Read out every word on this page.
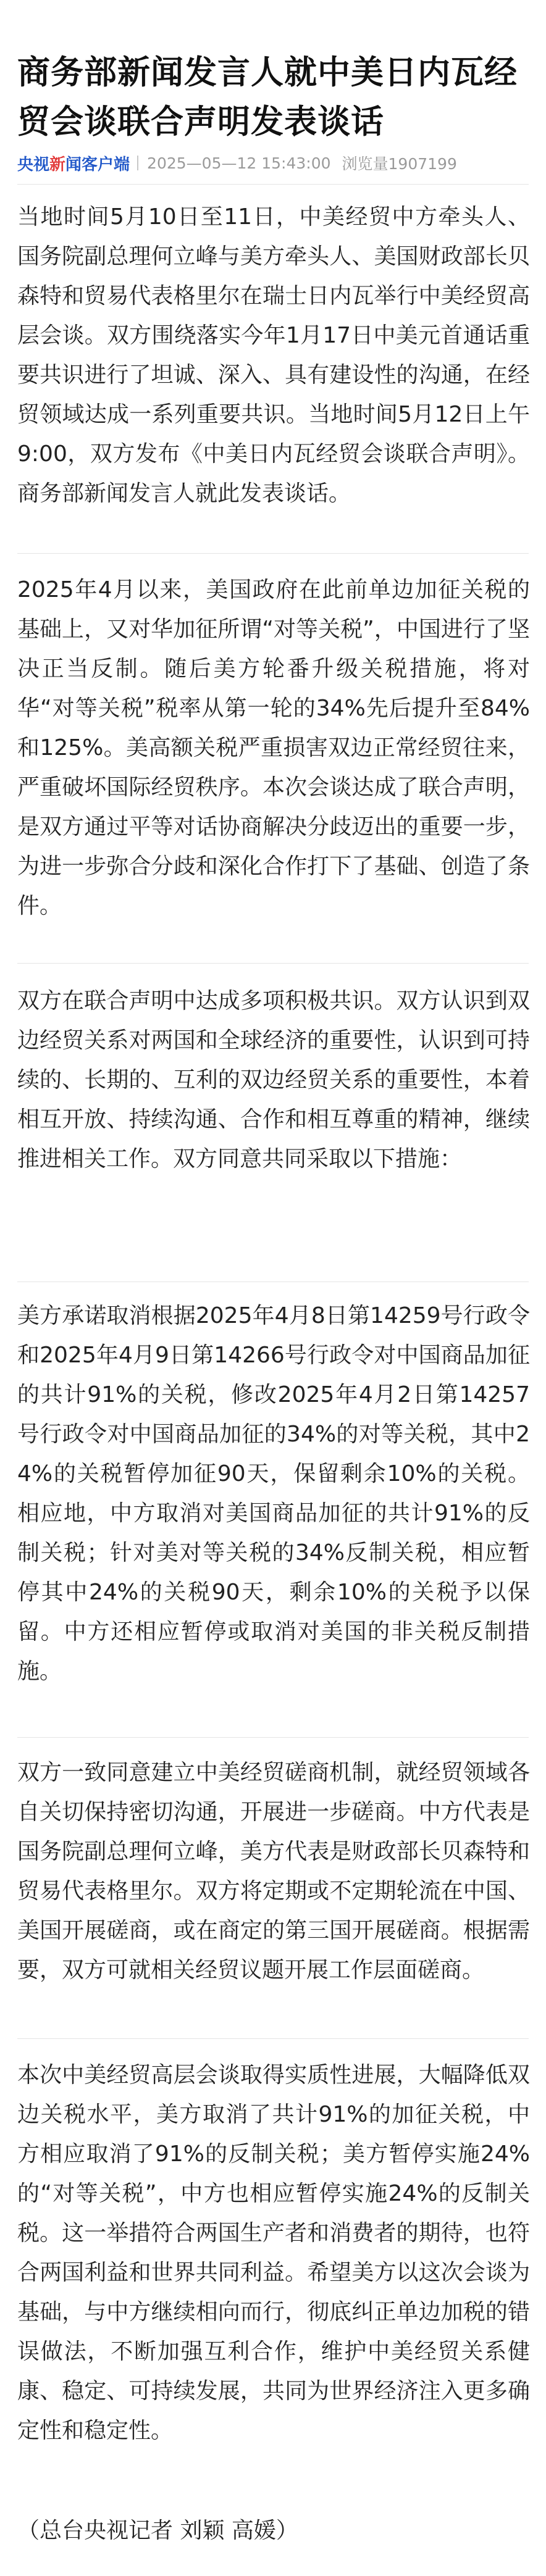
商务部新闻发言人就中美日内瓦经贸会谈联合声明发表谈话
央视 新 闻客户端 2025—05—12 15:43:00 浏览量1907199

当地时间5月10日至11日，中美经贸中方牵头人、国务院副总理何立峰与美方牵头人、美国财政部长贝森特和贸易代表格里尔在瑞士日内瓦举行中美经贸高层会谈。双方围绕落实今年1月17日中美元首通话重要共识进行了坦诚、深入、具有建设性的沟通，在经贸领域达成一系列重要共识。当地时间5月12日上午9:00，双方发布《中美日内瓦经贸会谈联合声明》。商务部新闻发言人就此发表谈话。

2025年4月以来，美国政府在此前单边加征关税的基础上，又对华加征所谓“对等关税”，中国进行了坚决正当反制。随后美方轮番升级关税措施，将对华“对等关税”税率从第一轮的34%先后提升至84%和125%。美高额关税严重损害双边正常经贸往来，严重破坏国际经贸秩序。本次会谈达成了联合声明，是双方通过平等对话协商解决分歧迈出的重要一步，为进一步弥合分歧和深化合作打下了基础、创造了条件。

双方在联合声明中达成多项积极共识。双方认识到双边经贸关系对两国和全球经济的重要性，认识到可持续的、长期的、互利的双边经贸关系的重要性，本着相互开放、持续沟通、合作和相互尊重的精神，继续推进相关工作。双方同意共同采取以下措施：

美方承诺取消根据2025年4月8日第14259号行政令和2025年4月9日第14266号行政令对中国商品加征的共计91%的关税，修改2025年4月2日第14257号行政令对中国商品加征的34%的对等关税，其中24%的关税暂停加征90天，保留剩余10%的关税。相应地，中方取消对美国商品加征的共计91%的反制关税；针对美对等关税的34%反制关税，相应暂停其中24%的关税90天，剩余10%的关税予以保留。中方还相应暂停或取消对美国的非关税反制措施。

双方一致同意建立中美经贸磋商机制，就经贸领域各自关切保持密切沟通，开展进一步磋商。中方代表是国务院副总理何立峰，美方代表是财政部长贝森特和贸易代表格里尔。双方将定期或不定期轮流在中国、美国开展磋商，或在商定的第三国开展磋商。根据需要，双方可就相关经贸议题开展工作层面磋商。

本次中美经贸高层会谈取得实质性进展，大幅降低双边关税水平，美方取消了共计91%的加征关税，中方相应取消了91%的反制关税；美方暂停实施24%的“对等关税”，中方也相应暂停实施24%的反制关税。这一举措符合两国生产者和消费者的期待，也符合两国利益和世界共同利益。希望美方以这次会谈为基础，与中方继续相向而行，彻底纠正单边加税的错误做法，不断加强互利合作，维护中美经贸关系健康、稳定、可持续发展，共同为世界经济注入更多确定性和稳定性。

（总台央视记者 刘颖 高媛）
